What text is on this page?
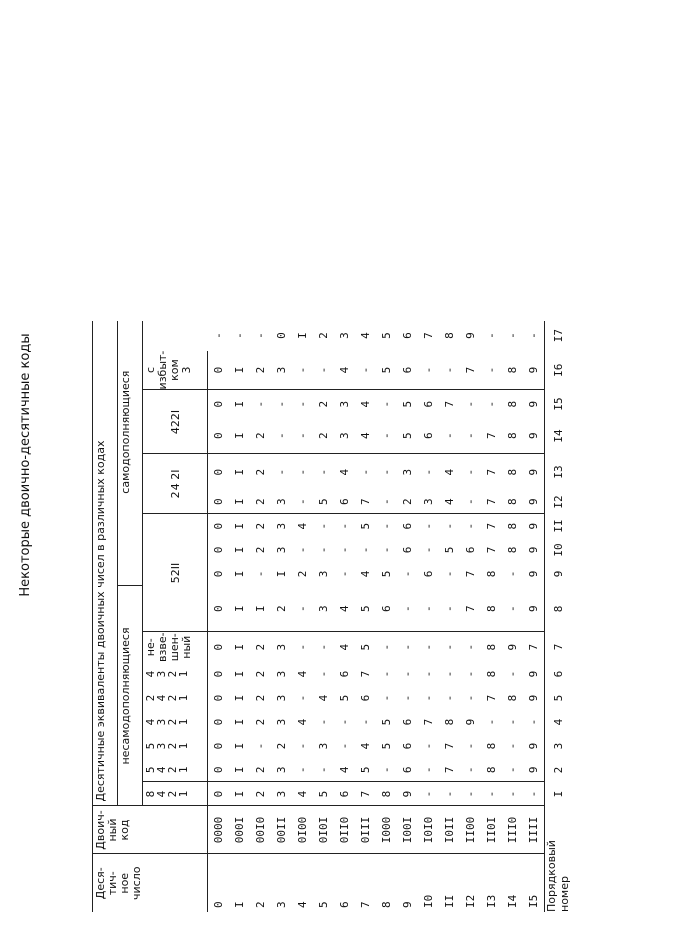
Некоторые двоично-десятичные коды
Деся-
тич-
ное
число	Двоич-
ный
код	Десятичные эквиваленты двоичных чисел в различных кодах																
		несамодополняющиеся								самодополняющиеся								
		8
4
2
1	5
4
2
1	5
3
2
1	4
3
2
1	2
4
2
1	4
3
2
1	не-
взве-
шен-
ный	52II				2 4 2I		422I		с
избыт-
ком
3	
0	0000	0	0	0	0	0	0	0	0	0	0	0	0	0	0	0	0	-
I	000I	I	I	I	I	I	I	I	I	I	I	I	I	I	I	I	I	-
2	00I0	2	2	-	2	2	2	2	I	-	2	2	2	2	2	-	2	-
3	00II	3	3	2	3	3	3	3	2	I	3	3	3	-	-	-	3	0
4	0I00	4	-	-	4	-	4	-	-	2	-	4	-	-	-	-	-	I
5	0I0I	5	-	3	-	4	-	-	3	3	-	-	5	-	2	2	-	2
6	0II0	6	4	-	-	5	6	4	4	-	-	-	6	4	3	3	4	3
7	0III	7	5	4	-	6	7	5	5	4	-	5	7	-	4	4	-	4
8	I000	8	-	5	5	-	-	-	6	5	-	-	-	-	-	-	5	5
9	I00I	9	6	6	6	-	-	-	-	-	6	6	2	3	5	5	6	6
I0	I0I0	-	-	-	7	-	-	-	-	6	-	-	3	-	6	6	-	7
II	I0II	-	7	7	8	-	-	-	-	-	5	-	4	4	-	7	-	8
I2	II00	-	-	-	9	-	-	-	7	7	6	-	-	-	-	-	7	9
I3	II0I	-	8	8	-	7	8	8	8	8	7	7	7	7	7	-	-	-
I4	III0	-	-	-	-	8	-	9	-	-	8	8	8	8	8	8	8	-
I5	IIII	-	9	9	-	9	9	7	9	9	9	9	9	9	9	9	9	-
Порядковый номер		I	2	3	4	5	6	7	8	9	I0	II	I2	I3	I4	I5	I6	I7
